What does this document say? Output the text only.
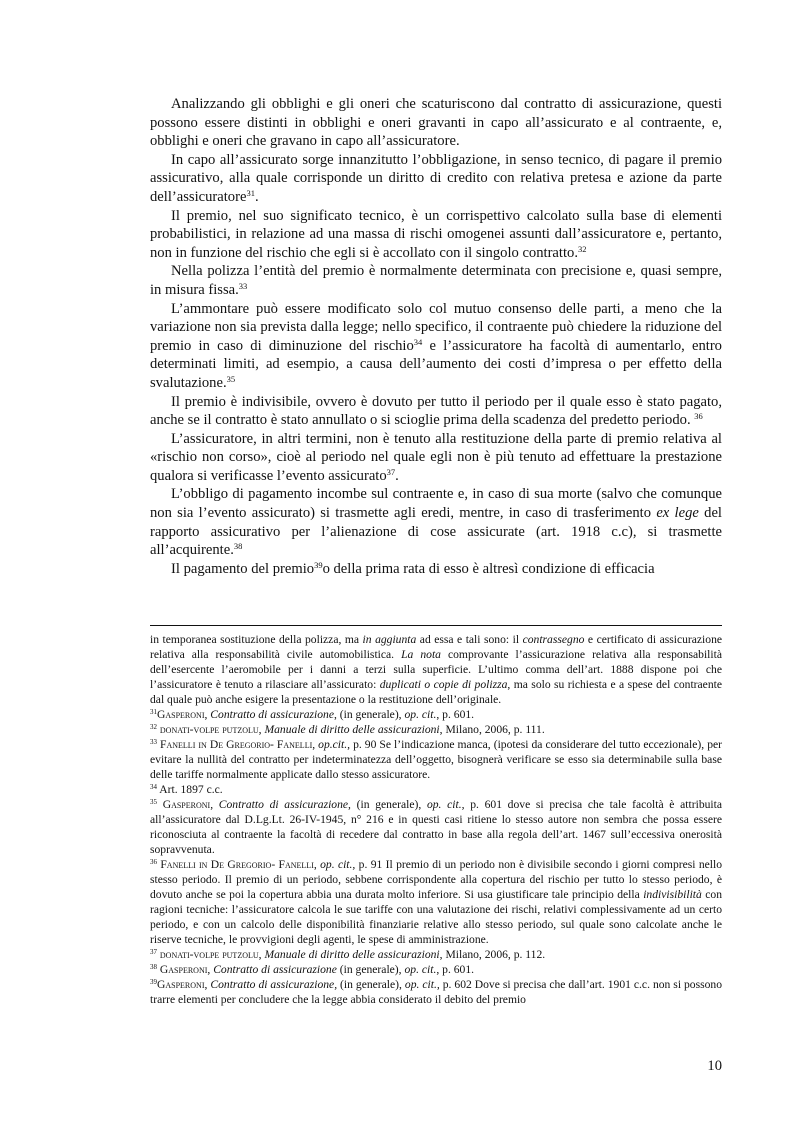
Analizzando gli obblighi e gli oneri che scaturiscono dal contratto di assicurazione, questi possono essere distinti in obblighi e oneri gravanti in capo all’assicurato e al contraente, e, obblighi e oneri che gravano in capo all’assicuratore.

In capo all’assicurato sorge innanzitutto l’obbligazione, in senso tecnico, di pagare il premio assicurativo, alla quale corrisponde un diritto di credito con relativa pretesa e azione da parte dell’assicuratore$^{31}$.

Il premio, nel suo significato tecnico, è un corrispettivo calcolato sulla base di elementi probabilistici, in relazione ad una massa di rischi omogenei assunti dall’assicuratore e, pertanto, non in funzione del rischio che egli si è accollato con il singolo contratto.$^{32}$

Nella polizza l’entità del premio è normalmente determinata con precisione e, quasi sempre, in misura fissa.$^{33}$

L’ammontare può essere modificato solo col mutuo consenso delle parti, a meno che la variazione non sia prevista dalla legge; nello specifico, il contraente può chiedere la riduzione del premio in caso di diminuzione del rischio$^{34}$ e l’assicuratore ha facoltà di aumentarlo, entro determinati limiti, ad esempio, a causa dell’aumento dei costi d’impresa o per effetto della svalutazione.$^{35}$

Il premio è indivisibile, ovvero è dovuto per tutto il periodo per il quale esso è stato pagato, anche se il contratto è stato annullato o si scioglie prima della scadenza del predetto periodo. $^{36}$

L’assicuratore, in altri termini, non è tenuto alla restituzione della parte di premio relativa al «rischio non corso», cioè al periodo nel quale egli non è più tenuto ad effettuare la prestazione qualora si verificasse l’evento assicurato$^{37}$.

L’obbligo di pagamento incombe sul contraente e, in caso di sua morte (salvo che comunque non sia l’evento assicurato) si trasmette agli eredi, mentre, in caso di trasferimento ex lege del rapporto assicurativo per l’alienazione di cose assicurate (art. 1918 c.c), si trasmette all’acquirente.$^{38}$

Il pagamento del premio$^{39}$o della prima rata di esso è altresì condizione di efficacia

in temporanea sostituzione della polizza, ma in aggiunta ad essa e tali sono: il contrassegno e certificato di assicurazione relativa alla responsabilità civile automobilistica. La nota comprovante l’assicurazione relativa alla responsabilità dell’esercente l’aeromobile per i danni a terzi sulla superficie. L’ultimo comma dell’art. 1888 dispone poi che l’assicuratore è tenuto a rilasciare all’assicurato: duplicati o copie di polizza, ma solo su richiesta e a spese del contraente dal quale può anche esigere la presentazione o la restituzione dell’originale.

$^{31}$Gasperoni, Contratto di assicurazione, (in generale), op. cit., p. 601.

$^{32}$ donati-volpe putzolu, Manuale di diritto delle assicurazioni, Milano, 2006, p. 111.

$^{33}$ Fanelli in De Gregorio- Fanelli, op.cit., p. 90 Se l’indicazione manca, (ipotesi da considerare del tutto eccezionale), per evitare la nullità del contratto per indeterminatezza dell’oggetto, bisognerà verificare se esso sia determinabile sulla base delle tariffe normalmente applicate dallo stesso assicuratore.

$^{34}$ Art. 1897 c.c.

$^{35}$ Gasperoni, Contratto di assicurazione, (in generale), op. cit., p. 601 dove si precisa che tale facoltà è attribuita all’assicuratore dal D.Lg.Lt. 26-IV-1945, n° 216 e in questi casi ritiene lo stesso autore non sembra che possa essere riconosciuta al contraente la facoltà di recedere dal contratto in base alla regola dell’art. 1467 sull’eccessiva onerosità sopravvenuta.

$^{36}$ Fanelli in De Gregorio- Fanelli, op. cit., p. 91 Il premio di un periodo non è divisibile secondo i giorni compresi nello stesso periodo. Il premio di un periodo, sebbene corrispondente alla copertura del rischio per tutto lo stesso periodo, è dovuto anche se poi la copertura abbia una durata molto inferiore. Si usa giustificare tale principio della indivisibilità con ragioni tecniche: l’assicuratore calcola le sue tariffe con una valutazione dei rischi, relativi complessivamente ad un certo periodo, e con un calcolo delle disponibilità finanziarie relative allo stesso periodo, sul quale sono calcolate anche le riserve tecniche, le provvigioni degli agenti, le spese di amministrazione.

$^{37}$ donati-volpe putzolu, Manuale di diritto delle assicurazioni, Milano, 2006, p. 112.

$^{38}$ Gasperoni, Contratto di assicurazione (in generale), op. cit., p. 601.

$^{39}$Gasperoni, Contratto di assicurazione, (in generale), op. cit., p. 602 Dove si precisa che dall’art. 1901 c.c. non si possono trarre elementi per concludere che la legge abbia considerato il debito del premio

10
